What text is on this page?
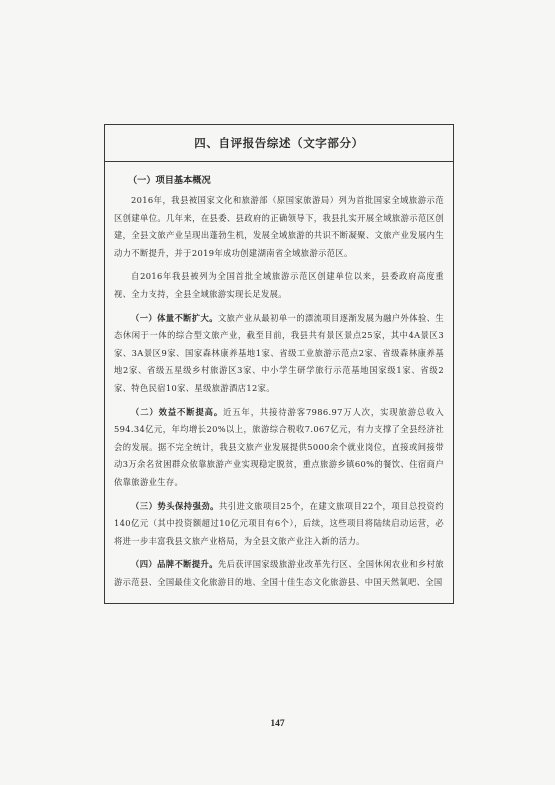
四、自评报告综述（文字部分）
（一）项目基本概况

2016年，我县被国家文化和旅游部（原国家旅游局）列为首批国家全域旅游示范区创建单位。几年来，在县委、县政府的正确领导下，我县扎实开展全域旅游示范区创建，全县文旅产业呈现出蓬勃生机，发展全域旅游的共识不断凝聚、文旅产业发展内生动力不断提升，并于2019年成功创建湖南省全域旅游示范区。

自2016年我县被列为全国首批全域旅游示范区创建单位以来，县委政府高度重视、全力支持，全县全域旅游实现长足发展。

（一）体量不断扩大。文旅产业从最初单一的漂流项目逐渐发展为融户外体验、生态休闲于一体的综合型文旅产业，截至目前，我县共有景区景点25家，其中4A景区3家、3A景区9家、国家森林康养基地1家、省级工业旅游示范点2家、省级森林康养基地2家、省级五星级乡村旅游区3家、中小学生研学旅行示范基地国家级1家、省级2家、特色民宿10家、星级旅游酒店12家。

（二）效益不断提高。近五年，共接待游客7986.97万人次，实现旅游总收入594.34亿元，年均增长20%以上，旅游综合税收7.067亿元，有力支撑了全县经济社会的发展。据不完全统计，我县文旅产业发展提供5000余个就业岗位，直接或间接带动3万余名贫困群众依靠旅游产业实现稳定脱贫，重点旅游乡镇60%的餐饮、住宿商户依靠旅游业生存。

（三）势头保持强劲。共引进文旅项目25个，在建文旅项目22个，项目总投资约140亿元（其中投资额超过10亿元项目有6个），后续，这些项目将陆续启动运营，必将进一步丰富我县文旅产业格局，为全县文旅产业注入新的活力。

（四）品牌不断提升。先后获评国家级旅游业改革先行区、全国休闲农业和乡村旅游示范县、全国最佳文化旅游目的地、全国十佳生态文化旅游县、中国天然氧吧、全国

147
